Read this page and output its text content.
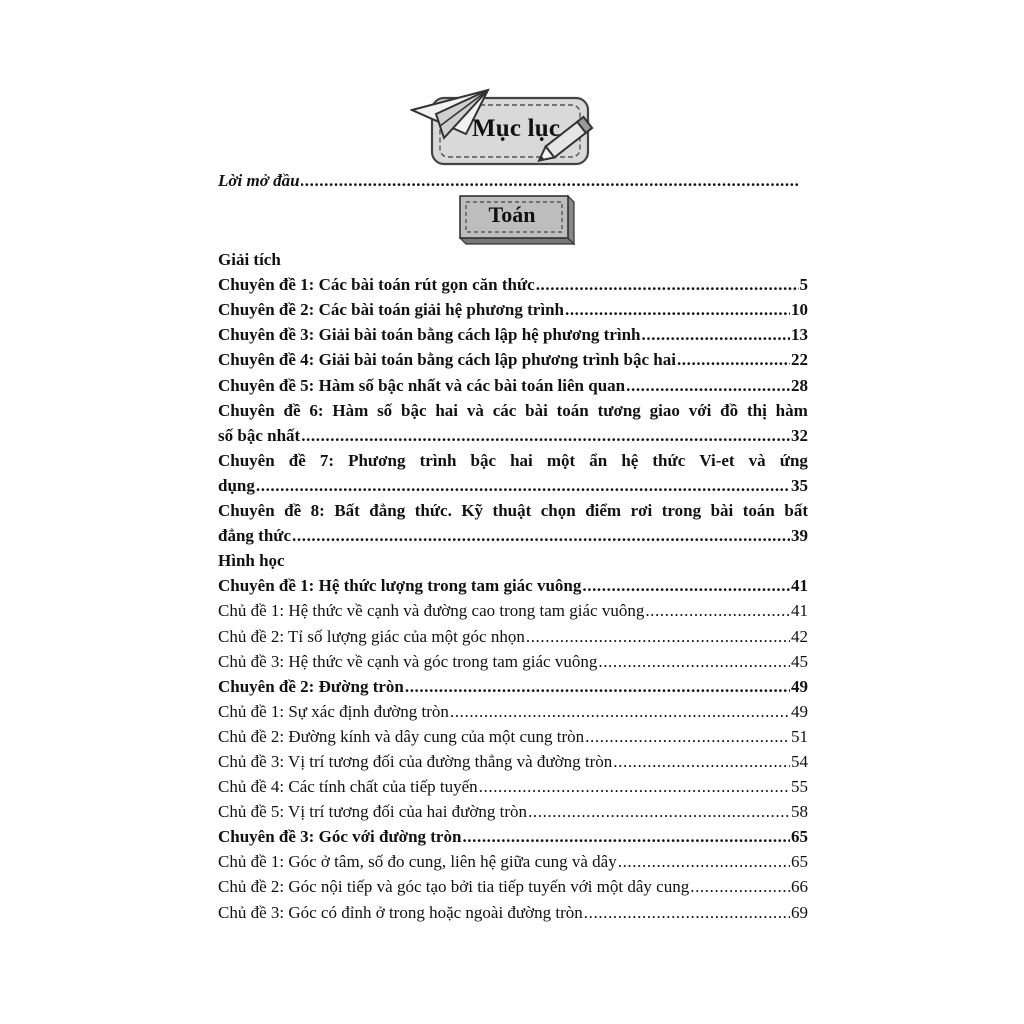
Mục lục
Lời mở đầu
.....
Toán
Giải tích
Chuyên đề 1: Các bài toán rút gọn căn thức .....	5
Chuyên đề 2: Các bài toán giải hệ phương trình .....	10
Chuyên đề 3: Giải bài toán bằng cách lập hệ phương trình .....	13
Chuyên đề 4: Giải bài toán bằng cách lập phương trình bậc hai .....	22
Chuyên đề 5: Hàm số bậc nhất và các bài toán liên quan .....	28
Chuyên đề 6: Hàm số bậc hai và các bài toán tương giao với đồ thị hàm
số bậc nhất .....	32
Chuyên đề 7: Phương trình bậc hai một ẩn hệ thức Vi-et và ứng
dụng .....	35
Chuyên đề 8: Bất đẳng thức. Kỹ thuật chọn điểm rơi trong bài toán bất
đẳng thức .....	39
Hình học
Chuyên đề 1: Hệ thức lượng trong tam giác vuông .....	41
Chủ đề 1: Hệ thức về cạnh và đường cao trong tam giác vuông .....	41
Chủ đề 2: Tỉ số lượng giác của một góc nhọn .....	42
Chủ đề 3: Hệ thức về cạnh và góc trong tam giác vuông .....	45
Chuyên đề 2: Đường tròn .....	49
Chủ đề 1: Sự xác định đường tròn .....	49
Chủ đề 2: Đường kính và dây cung của một cung tròn .....	51
Chủ đề 3: Vị trí tương đối của đường thẳng và đường tròn .....	54
Chủ đề 4: Các tính chất của tiếp tuyến .....	55
Chủ đề 5: Vị trí tương đối của hai đường tròn .....	58
Chuyên đề 3: Góc với đường tròn .....	65
Chủ đề 1: Góc ở tâm, số đo cung, liên hệ giữa cung và dây .....	65
Chủ đề 2: Góc nội tiếp và góc tạo bởi tia tiếp tuyến với một dây cung .....	66
Chủ đề 3: Góc có đỉnh ở trong hoặc ngoài đường tròn .....	69
